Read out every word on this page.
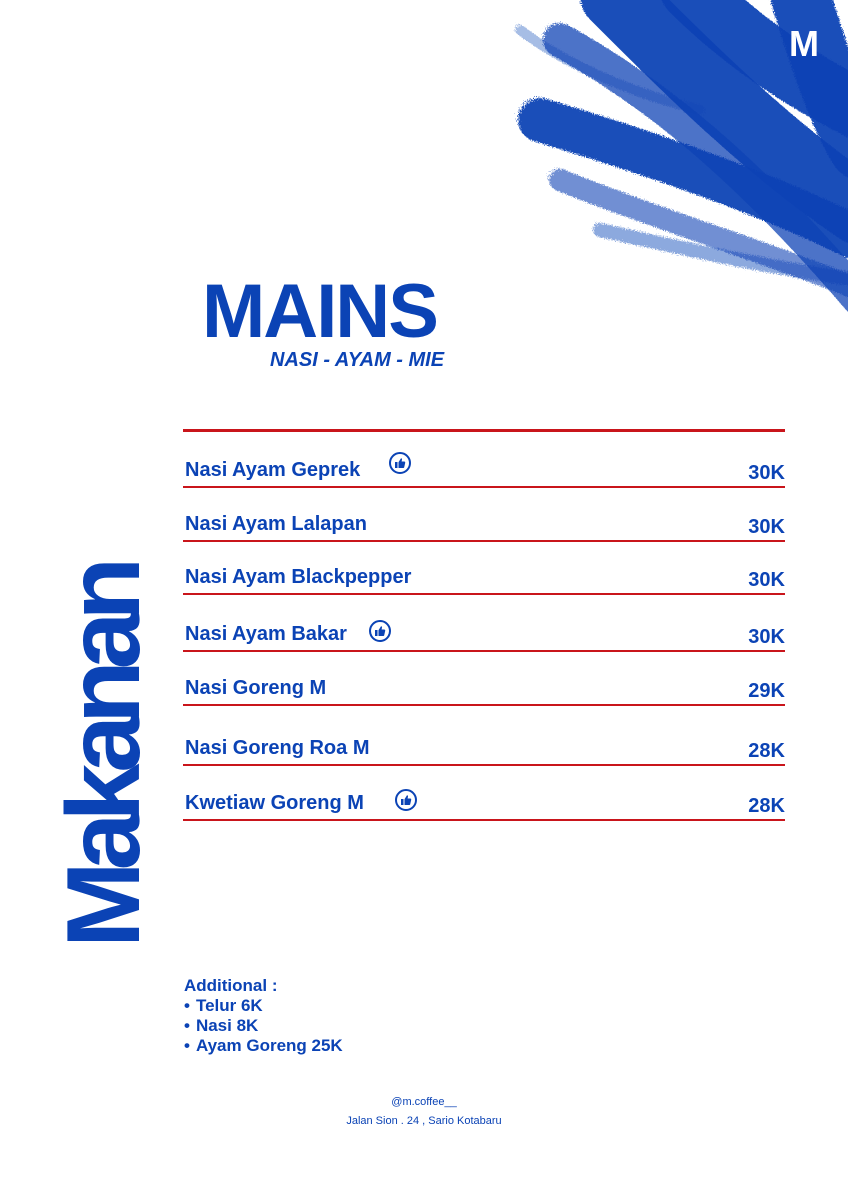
M
MAINS

NASI - AYAM - MIE

Makanan
Nasi Ayam Geprek	30K
Nasi Ayam Lalapan	30K
Nasi Ayam Blackpepper	30K
Nasi Ayam Bakar	30K
Nasi Goreng M	29K
Nasi Goreng Roa M	28K
Kwetiaw Goreng M	28K
Additional :
• Telur 6K
• Nasi 8K
• Ayam Goreng 25K
@m.coffee__
Jalan Sion . 24 , Sario Kotabaru
